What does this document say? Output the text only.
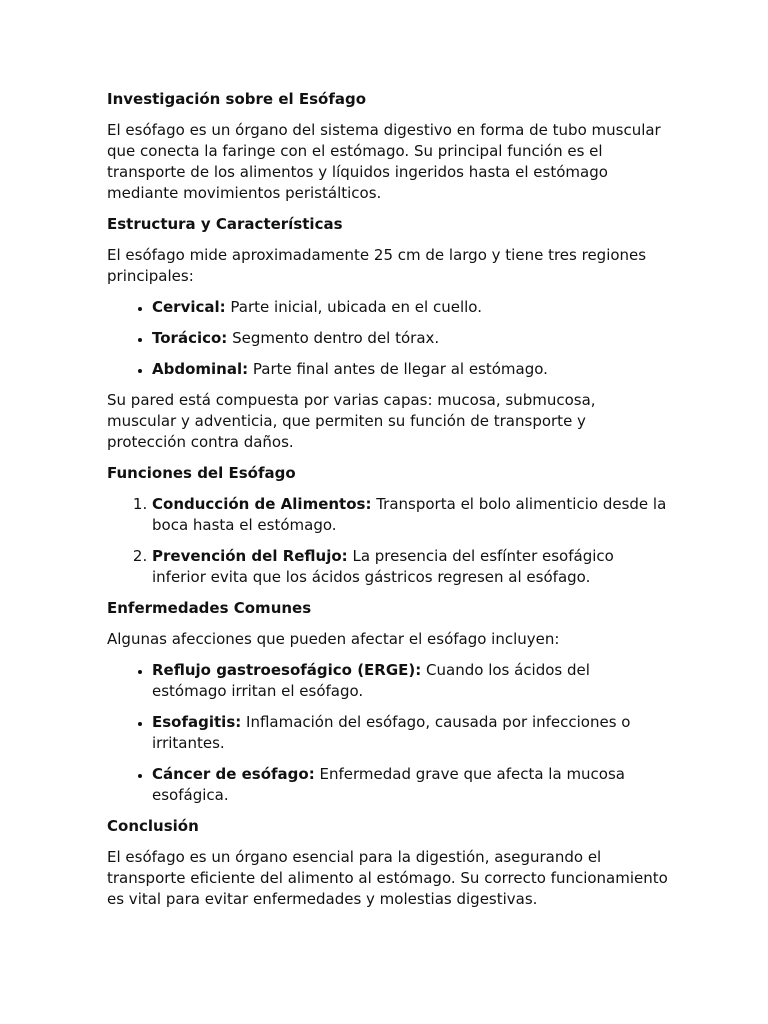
Investigación sobre el Esófago

El esófago es un órgano del sistema digestivo en forma de tubo muscular que conecta la faringe con el estómago. Su principal función es el transporte de los alimentos y líquidos ingeridos hasta el estómago mediante movimientos peristálticos.

Estructura y Características

El esófago mide aproximadamente 25 cm de largo y tiene tres regiones principales:

• Cervical: Parte inicial, ubicada en el cuello.
• Torácico: Segmento dentro del tórax.
• Abdominal: Parte final antes de llegar al estómago.

Su pared está compuesta por varias capas: mucosa, submucosa, muscular y adventicia, que permiten su función de transporte y protección contra daños.

Funciones del Esófago
1. Conducción de Alimentos: Transporta el bolo alimenticio desde la boca hasta el estómago.
2. Prevención del Reflujo: La presencia del esfínter esofágico inferior evita que los ácidos gástricos regresen al esófago.
Enfermedades Comunes

Algunas afecciones que pueden afectar el esófago incluyen:

• Reflujo gastroesofágico (ERGE): Cuando los ácidos del estómago irritan el esófago.
• Esofagitis: Inflamación del esófago, causada por infecciones o irritantes.
• Cáncer de esófago: Enfermedad grave que afecta la mucosa esofágica.
Conclusión

El esófago es un órgano esencial para la digestión, asegurando el transporte eficiente del alimento al estómago. Su correcto funcionamiento es vital para evitar enfermedades y molestias digestivas.
